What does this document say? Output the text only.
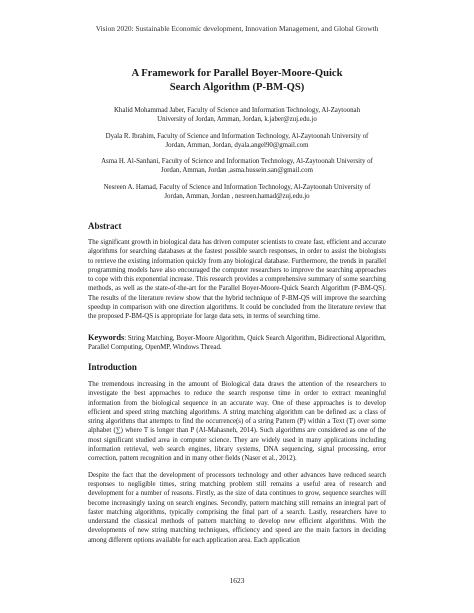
Vision 2020: Sustainable Economic development, Innovation Management, and Global Growth
A Framework for Parallel Boyer-Moore-Quick
Search Algorithm (P-BM-QS)
Khalid Mohammad Jaber, Faculty of Science and Information Technology, Al-Zaytoonah
University of Jordan, Amman, Jordan, k.jaber@zuj.edu.jo
Dyala R. Ibrahim, Faculty of Science and Information Technology, Al-Zaytoonah University of
Jordan, Amman, Jordan, dyala.angel90@gmail.com
Asma H. Al-Sanhani, Faculty of Science and Information Technology, Al-Zaytoonah University of
Jordan, Amman, Jordan ,asma.hussein.san@gmail.com
Nesreen A. Hamad, Faculty of Science and Information Technology, Al-Zaytoonah University of
Jordan, Amman, Jordan , nesreen.hamad@zuj.edu.jo
Abstract

The significant growth in biological data has driven computer scientists to create fast, efficient and accurate algorithms for searching databases at the fastest possible search responses, in order to assist the biologists to retrieve the existing information quickly from any biological database. Furthermore, the trends in parallel programming models have also encouraged the computer researchers to improve the searching approaches to cope with this exponential increase. This research provides a comprehensive summary of some searching methods, as well as the state-of-the-art for the Parallel Boyer-Moore-Quick Search Algorithm (P-BM-QS). The results of the literature review show that the hybrid technique of P-BM-QS will improve the searching speedup in comparison with one direction algorithms. It could be concluded from the literature review that the proposed P-BM-QS is appropriate for large data sets, in terms of searching time.

Keywords: String Matching, Boyer-Moore Algorithm, Quick Search Algorithm, Bidirectional Algorithm, Parallel Computing, OpenMP, Windows Thread.
Introduction

The tremendous increasing in the amount of Biological data draws the attention of the researchers to investigate the best approaches to reduce the search response time in order to extract meaningful information from the biological sequence in an accurate way. One of these approaches is to develop efficient and speed string matching algorithms. A string matching algorithm can be defined as: a class of string algorithms that attempts to find the occurrence(s) of a string Pattern (P) within a Text (T) over some alphabet (∑) where T is longer than P (Al-Mahasneh, 2014). Such algorithms are considered as one of the most significant studied area in computer science. They are widely used in many applications including information retrieval, web search engines, library systems, DNA sequencing, signal processing, error correction, pattern recognition and in many other fields (Naser et al., 2012).

Despite the fact that the development of processors technology and other advances have reduced search responses to negligible times, string matching problem still remains a useful area of research and development for a number of reasons. Firstly, as the size of data continues to grow, sequence searches will become increasingly taxing on search engines. Secondly, pattern matching still remains an integral part of faster matching algorithms, typically comprising the final part of a search. Lastly, researchers have to understand the classical methods of pattern matching to develop new efficient algorithms. With the developments of new string matching techniques, efficiency and speed are the main factors in deciding among different options available for each application area. Each application

1623
